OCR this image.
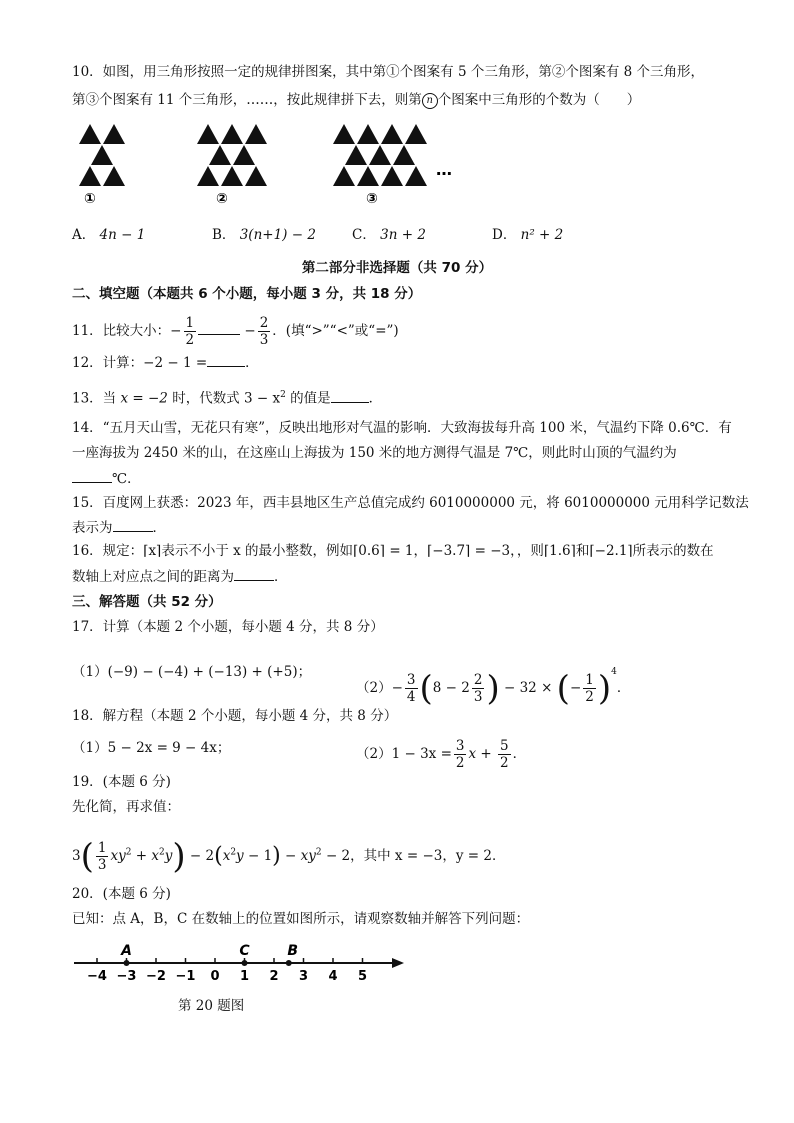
10．如图，用三角形按照一定的规律拼图案，其中第①个图案有 5 个三角形，第②个图案有 8 个三角形，
第③个图案有 11 个三角形，……，按此规律拼下去，则第 n 个图案中三角形的个数为（　　）
①	②	③
…
A． 4n − 1	B． 3(n+1) − 2	C． 3n + 2	D． n² + 2
第二部分非选择题（共 70 分）
二、填空题（本题共 6 个小题，每小题 3 分，共 18 分）
11．比较大小：− $\frac{1}{2}$	− $\frac{2}{3}$ ．(填“>”“<”或“=”)
12．计算：−2 − 1 =	．
13．当 x = −2 时，代数式 $3 - x^2$ 的值是	．
14．“五月天山雪，无花只有寒”，反映出地形对气温的影响．大致海拔每升高 100 米，气温约下降 0.6℃．有
一座海拔为 2450 米的山，在这座山上海拔为 150 米的地方测得气温是 7℃，则此时山顶的气温约为
℃．
15．百度网上获悉：2023 年，西丰县地区生产总值完成约 6010000000 元，将 6010000000 元用科学记数法
表示为	．
16．规定：⌈x⌉表示不小于 x 的最小整数，例如⌈0.6⌉ = 1，⌈−3.7⌉ = −3，，则⌈1.6⌉和⌈−2.1⌉所表示的数在
数轴上对应点之间的距离为	．
三、解答题（共 52 分）
17．计算（本题 2 个小题，每小题 4 分，共 8 分）
（1）(−9) − (−4) + (−13) + (+5)；
$(2)- \frac{3}{4} (8 - 2 \frac{2}{3}$ ) − 32 × (− $\frac{1}{2} )^4$．
18．解方程（本题 2 个小题，每小题 4 分，共 8 分）
（1）5 − 2x = 9 − 4x；	$(2)1 - 3x = \frac{3}{2}$ $x + \frac{5}{2}$ ．
19．(本题 6 分)
先化简，再求值：
$3( \frac{1}{3} xy^2 + x^2y) - 2(x^2y - 1) - xy^2 - 2$，其中 x = −3，y = 2．
20．(本题 6 分)
已知：点 A，B，C 在数轴上的位置如图所示，请观察数轴并解答下列问题：
−4 −3 −2 −1 0 1 2 3 4 5
A	C	B
第 20 题图
